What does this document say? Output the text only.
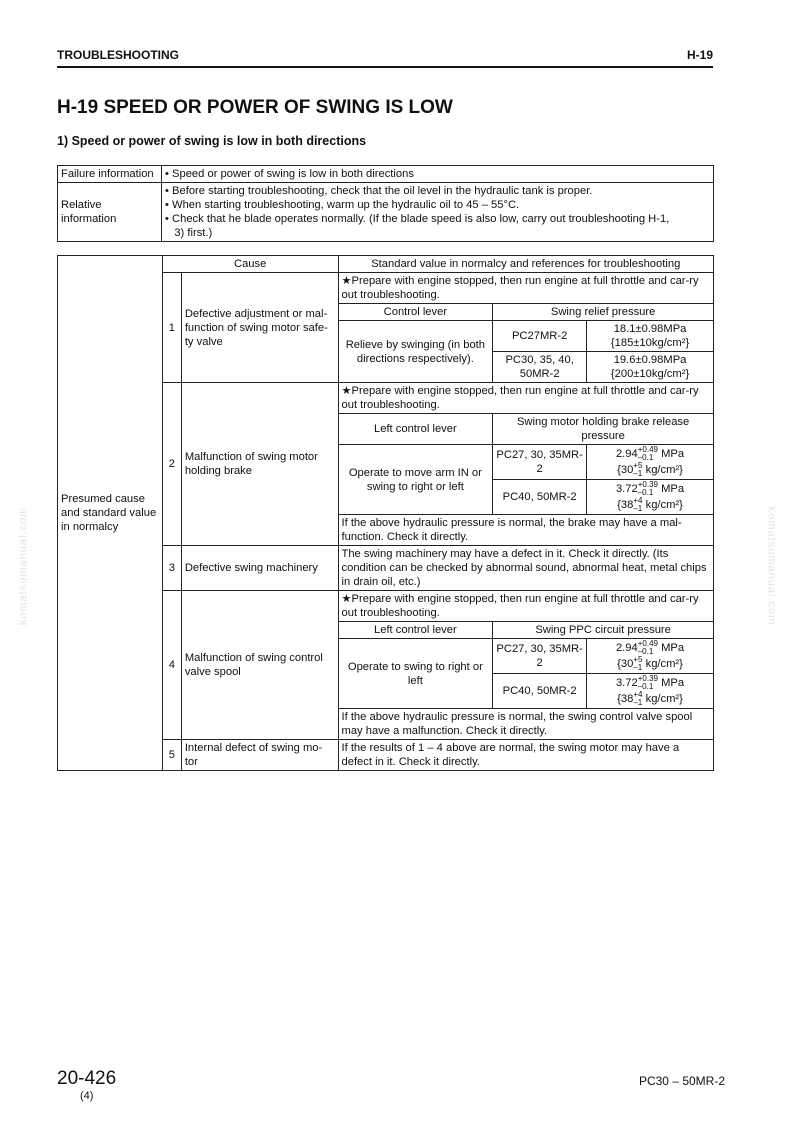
TROUBLESHOOTING	H-19
H-19 SPEED OR POWER OF SWING IS LOW
1) Speed or power of swing is low in both directions
Failure information	• Speed or power of swing is low in both directions
Relative information	• Before starting troubleshooting, check that the oil level in the hydraulic tank is proper.
• When starting troubleshooting, warm up the hydraulic oil to 45 – 55°C.
• Check that he blade operates normally. (If the blade speed is also low, carry out troubleshooting H-1,
3) first.)
Presumed cause and standard value in normalcy	Cause		Standard value in normalcy and references for troubleshooting		
	1	Defective adjustment or mal-function of swing motor safe-ty valve	★Prepare with engine stopped, then run engine at full throttle and car-ry out troubleshooting.		
			Control lever	Swing relief pressure	
			Relieve by swinging (in both directions respectively).	PC27MR-2	18.1±0.98MPa
{185±10kg/cm²}

				PC30, 35, 40, 50MR-2	19.6±0.98MPa
{200±10kg/cm²}

	2	Malfunction of swing motor holding brake	★Prepare with engine stopped, then run engine at full throttle and car-ry out troubleshooting.		
			Left control lever	Swing motor holding brake release pressure	
			Operate to move arm IN or swing to right or left	PC27, 30, 35MR-2	2.94+0.49
–0.1 MPa
{30+5
–1 kg/cm²}

				PC40, 50MR-2	3.72+0.39
–0.1 MPa
{38+4
–1 kg/cm²}

			If the above hydraulic pressure is normal, the brake may have a mal-function. Check it directly.		
	3	Defective swing machinery	The swing machinery may have a defect in it. Check it directly. (Its condition can be checked by abnormal sound, abnormal heat, metal chips in drain oil, etc.)		
	4	Malfunction of swing control valve spool	★Prepare with engine stopped, then run engine at full throttle and car-ry out troubleshooting.		
			Left control lever	Swing PPC circuit pressure	
			Operate to swing to right or left	PC27, 30, 35MR-2	2.94+0.49
–0.1 MPa
{30+5
–1 kg/cm²}

				PC40, 50MR-2	3.72+0.39
–0.1 MPa
{38+4
–1 kg/cm²}

			If the above hydraulic pressure is normal, the swing control valve spool may have a malfunction. Check it directly.		
	5	Internal defect of swing mo-tor	If the results of 1 – 4 above are normal, the swing motor may have a defect in it. Check it directly.		
20-426
(4)
PC30 – 50MR-2
komatsumanual.com	komatsumanual.com
